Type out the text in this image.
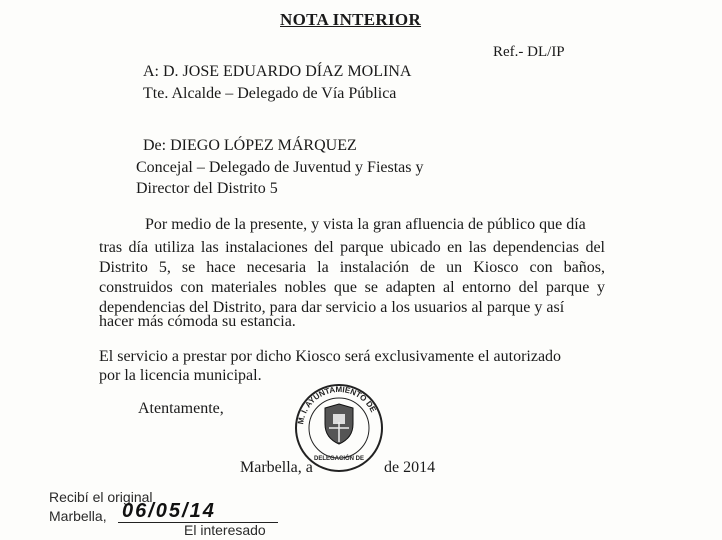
NOTA INTERIOR
Ref.- DL/IP
A: D. JOSE EDUARDO DÍAZ MOLINA
Tte. Alcalde – Delegado de Vía Pública
De: DIEGO LÓPEZ MÁRQUEZ
Concejal – Delegado de Juventud y Fiestas y
Director del Distrito 5
Por medio de la presente, y vista la gran afluencia de público que día
tras día utiliza las instalaciones del parque ubicado en las dependencias del Distrito 5, se hace necesaria la instalación de un Kiosco con baños, construidos con materiales nobles que se adapten al entorno del parque y dependencias del Distrito, para dar servicio a los usuarios al parque y así
hacer más cómoda su estancia.
El servicio a prestar por dicho Kiosco será exclusivamente el autorizado
por la licencia municipal.
Atentamente,
Marbella, a	de 2014
M. I. AYUNTAMIENTO DE
DELEGACIÓN DE
Recibí el original
Marbella, 06/05/14
El interesado
